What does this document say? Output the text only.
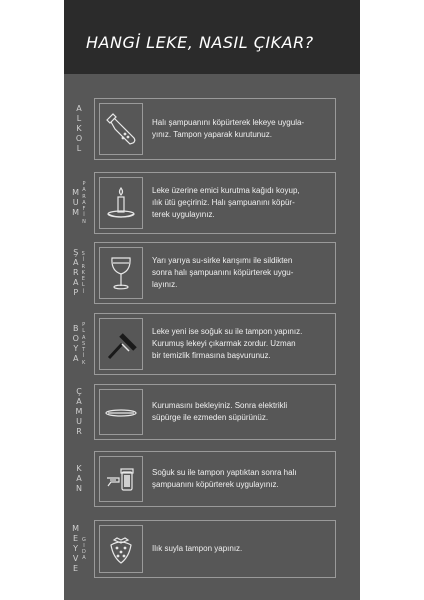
HANGİ LEKE, NASIL ÇIKAR?
A
L
K
O
L
Halı şampuanını köpürterek lekeye uygula-
yınız. Tampon yaparak kurutunuz.
M
U
M
P
A
R
A
F
İ
N
Leke üzerine emici kurutma kağıdı koyup,
ılık ütü geçiriniz. Halı şampuanını köpür-
terek uygulayınız.
Ş
A
R
A
P
S
İ
R
K
E
L
İ
Yarı yarıya su-sirke karışımı ile sildikten
sonra halı şampuanını köpürterek uygu-
layınız.
B
O
Y
A
P
L
A
S
T
İ
K
Leke yeni ise soğuk su ile tampon yapınız.
Kurumuş lekeyi çıkarmak zordur. Uzman
bir temizlik firmasına başvurunuz.
Ç
A
M
U
R
Kurumasını bekleyiniz. Sonra elektrikli
süpürge ile ezmeden süpürünüz.
K
A
N
Soğuk su ile tampon yaptıktan sonra halı
şampuanını köpürterek uygulayınız.
M
E
Y
V
E
G
I
D
A
Ilık suyla tampon yapınız.
